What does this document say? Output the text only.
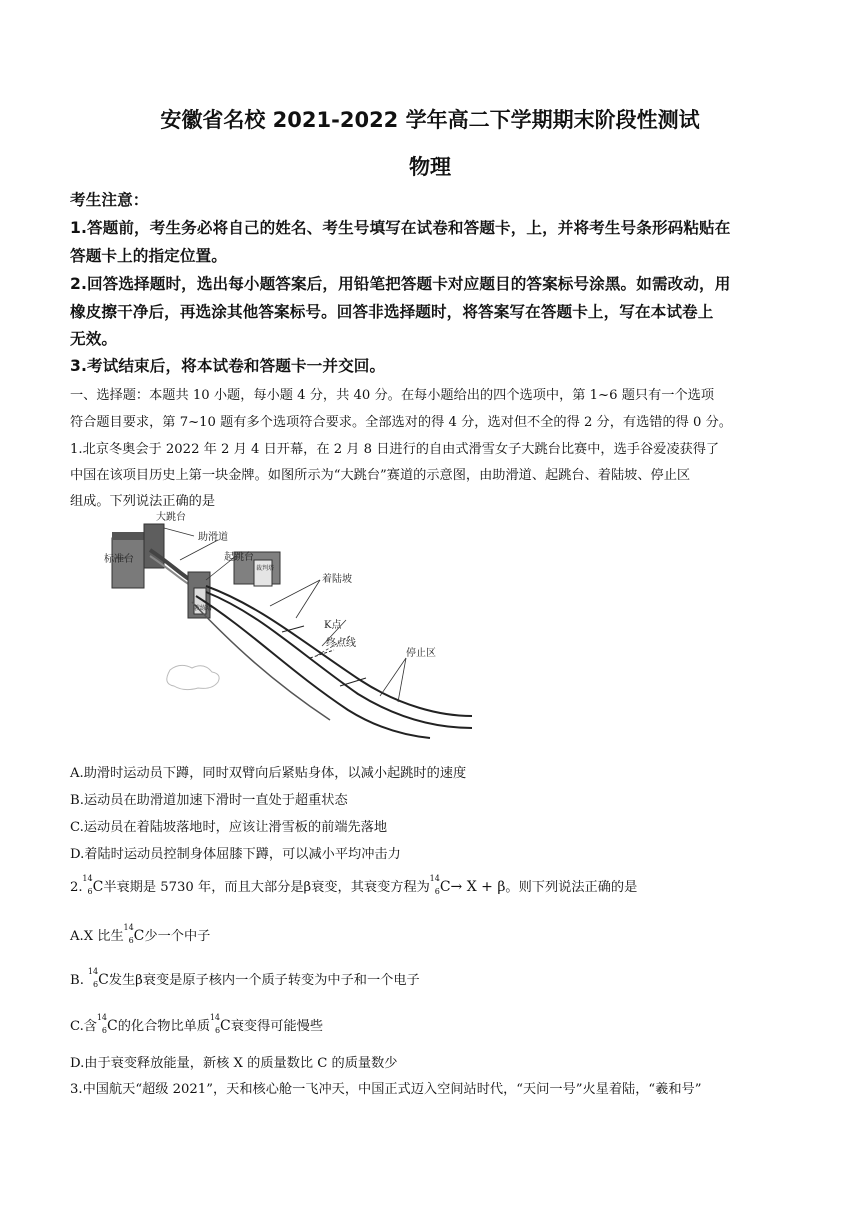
安徽省名校 2021-2022 学年高二下学期期末阶段性测试
物理
考生注意：
1.答题前，考生务必将自己的姓名、考生号填写在试卷和答题卡，上，并将考生号条形码粘贴在
答题卡上的指定位置。
2.回答选择题时，选出每小题答案后，用铅笔把答题卡对应题目的答案标号涂黑。如需改动，用
橡皮擦干净后，再选涂其他答案标号。回答非选择题时，将答案写在答题卡上，写在本试卷上
无效。
3.考试结束后，将本试卷和答题卡一并交回。
一、选择题：本题共 10 小题，每小题 4 分，共 40 分。在每小题给出的四个选项中，第 1~6 题只有一个选项
符合题目要求，第 7~10 题有多个选项符合要求。全部选对的得 4 分，选对但不全的得 2 分，有选错的得 0 分。
1.北京冬奥会于 2022 年 2 月 4 日开幕，在 2 月 8 日进行的自由式滑雪女子大跳台比赛中，选手谷爱凌获得了
中国在该项目历史上第一块金牌。如图所示为“大跳台”赛道的示意图，由助滑道、起跳台、着陆坡、停止区
组成。下列说法正确的是
大跳台
助滑道
标准台	起跳台
着陆坡
K点
终点线
停止区
裁判塔
教练塔
A.助滑时运动员下蹲，同时双臂向后紧贴身体，以减小起跳时的速度
B.运动员在助滑道加速下滑时一直处于超重状态
C.运动员在着陆坡落地时，应该让滑雪板的前端先落地
D.着陆时运动员控制身体屈膝下蹲，可以减小平均冲击力
2.
14
6 C半衰期是 5730 年，而且大部分是β衰变，其衰变方程为
14
6 C→ X + β。则下列说法正确的是
A.X 比生
14
6 C少一个中子
B.
14
6 C发生β衰变是原子核内一个质子转变为中子和一个电子
C.含
14
6 C的化合物比单质
14
6 C衰变得可能慢些
D.由于衰变释放能量，新核 X 的质量数比 C 的质量数少
3.中国航天“超级 2021”，天和核心舱一飞冲天，中国正式迈入空间站时代，“天问一号”火星着陆，“羲和号”
